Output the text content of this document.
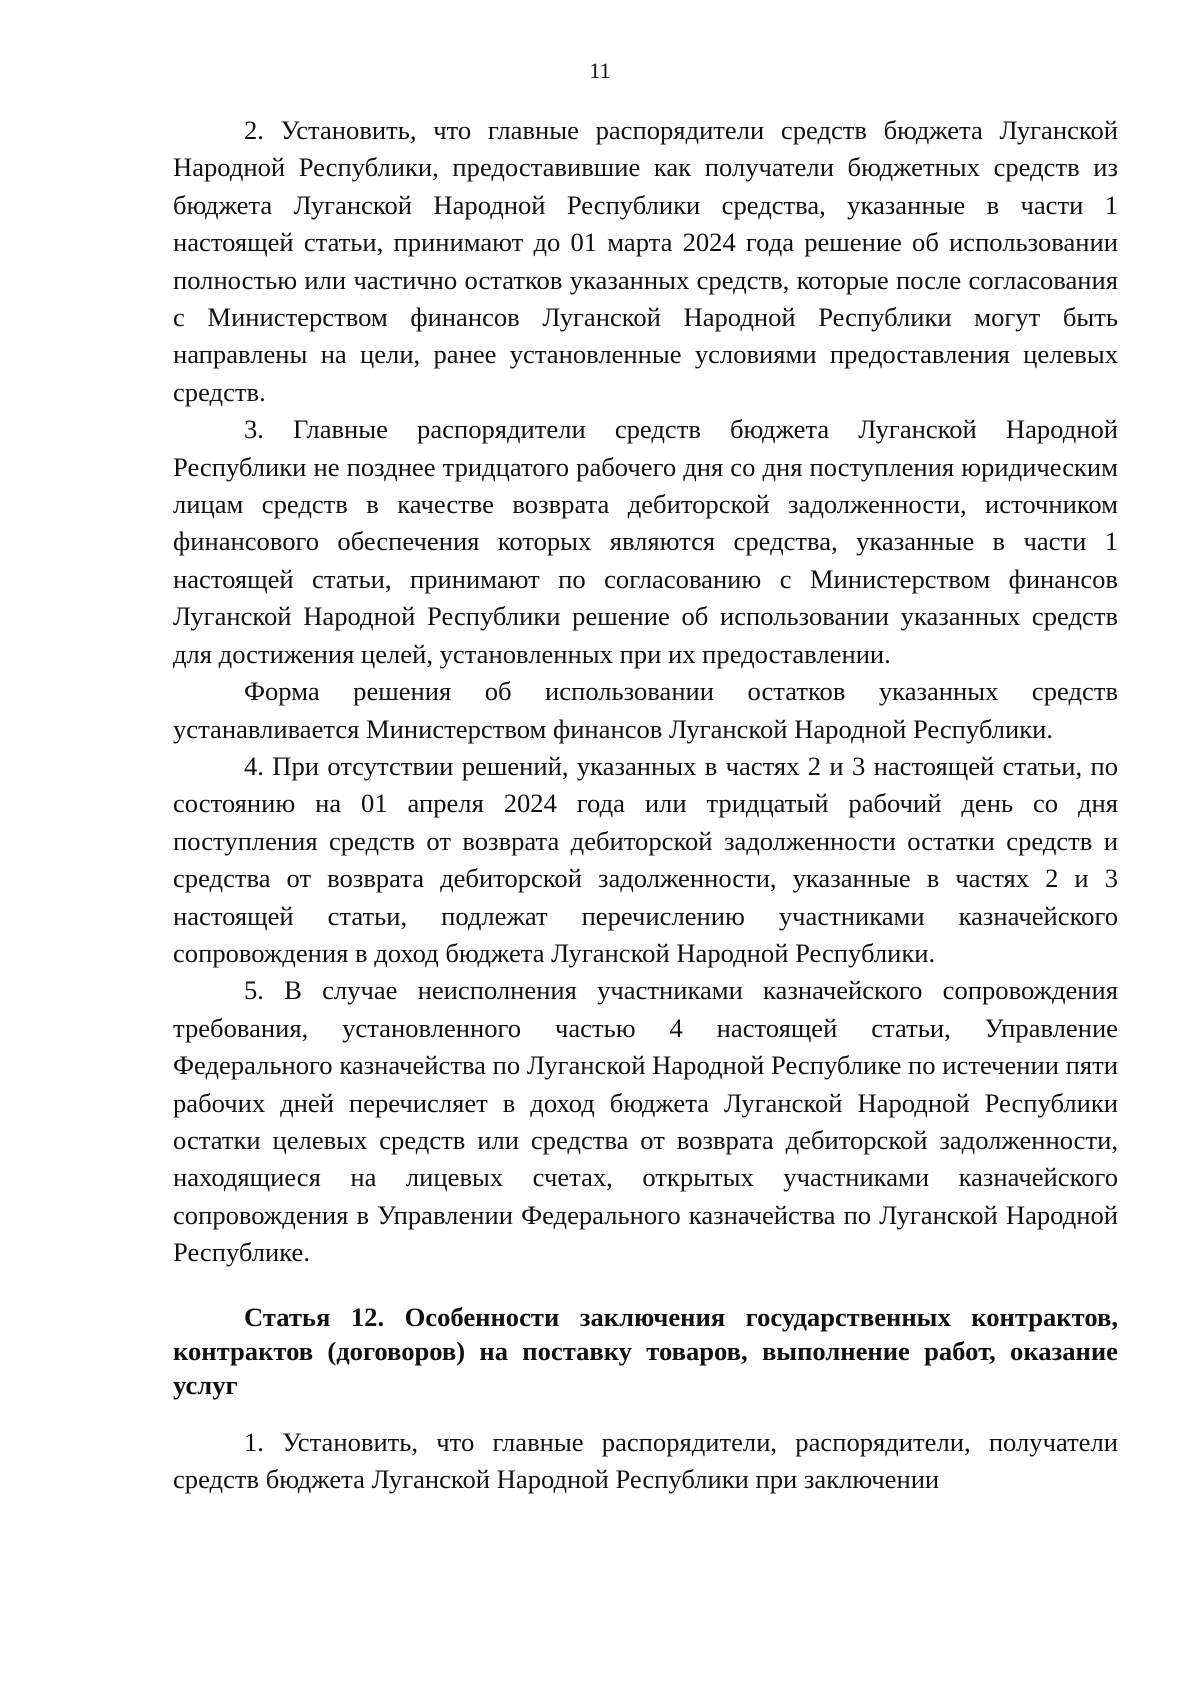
11

2. Установить, что главные распорядители средств бюджета Луганской Народной Республики, предоставившие как получатели бюджетных средств из бюджета Луганской Народной Республики средства, указанные в части 1 настоящей статьи, принимают до 01 марта 2024 года решение об использовании полностью или частично остатков указанных средств, которые после согласования с Министерством финансов Луганской Народной Республики могут быть направлены на цели, ранее установленные условиями предоставления целевых средств.

3. Главные распорядители средств бюджета Луганской Народной Республики не позднее тридцатого рабочего дня со дня поступления юридическим лицам средств в качестве возврата дебиторской задолженности, источником финансового обеспечения которых являются средства, указанные в части 1 настоящей статьи, принимают по согласованию с Министерством финансов Луганской Народной Республики решение об использовании указанных средств для достижения целей, установленных при их предоставлении.

Форма решения об использовании остатков указанных средств устанавливается Министерством финансов Луганской Народной Республики.

4. При отсутствии решений, указанных в частях 2 и 3 настоящей статьи, по состоянию на 01 апреля 2024 года или тридцатый рабочий день со дня поступления средств от возврата дебиторской задолженности остатки средств и средства от возврата дебиторской задолженности, указанные в частях 2 и 3 настоящей статьи, подлежат перечислению участниками казначейского сопровождения в доход бюджета Луганской Народной Республики.

5. В случае неисполнения участниками казначейского сопровождения требования, установленного частью 4 настоящей статьи, Управление Федерального казначейства по Луганской Народной Республике по истечении пяти рабочих дней перечисляет в доход бюджета Луганской Народной Республики остатки целевых средств или средства от возврата дебиторской задолженности, находящиеся на лицевых счетах, открытых участниками казначейского сопровождения в Управлении Федерального казначейства по Луганской Народной Республике.

Статья 12. Особенности заключения государственных контрактов, контрактов (договоров) на поставку товаров, выполнение работ, оказание услуг

1. Установить, что главные распорядители, распорядители, получатели средств бюджета Луганской Народной Республики при заключении
